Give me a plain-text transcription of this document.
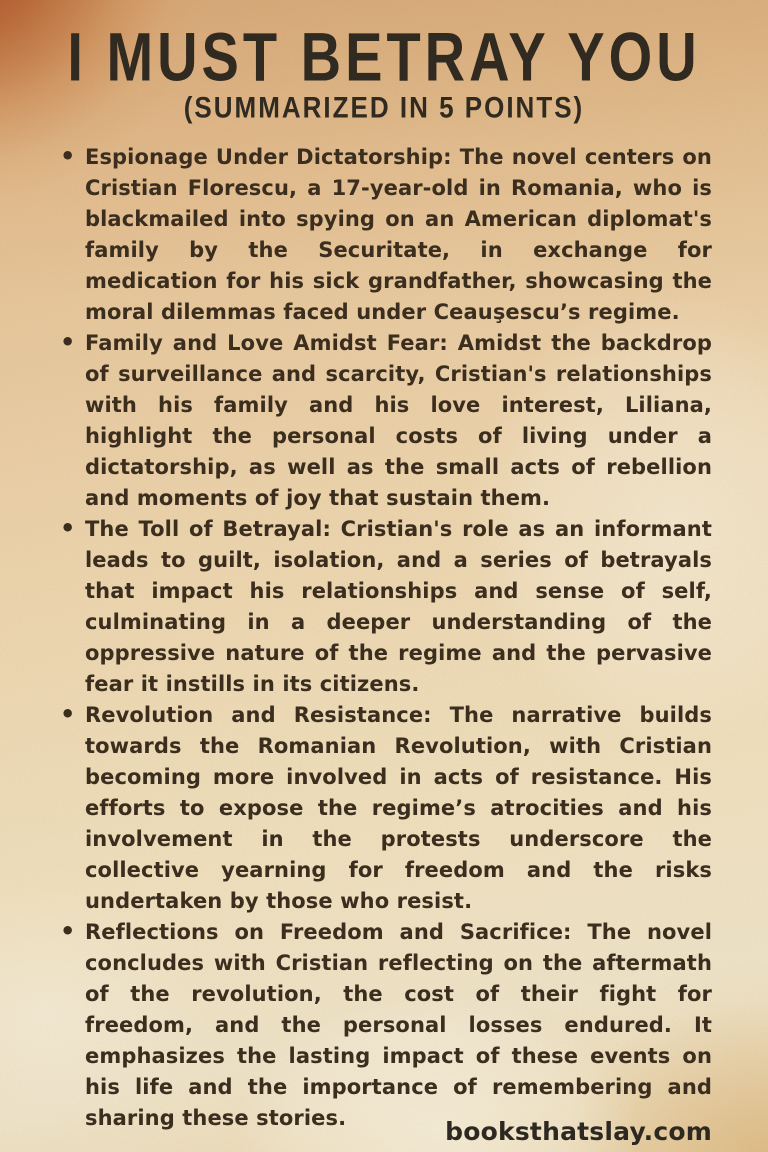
I MUST BETRAY YOU
(SUMMARIZED IN 5 POINTS)
• Espionage Under Dictatorship: The novel centers on Cristian Florescu, a 17-year-old in Romania, who is blackmailed into spying on an American diplomat's family by the Securitate, in exchange for medication for his sick grandfather, showcasing the moral dilemmas faced under Ceauşescu’s regime.
• Family and Love Amidst Fear: Amidst the backdrop of surveillance and scarcity, Cristian's relationships with his family and his love interest, Liliana, highlight the personal costs of living under a dictatorship, as well as the small acts of rebellion and moments of joy that sustain them.
• The Toll of Betrayal: Cristian's role as an informant leads to guilt, isolation, and a series of betrayals that impact his relationships and sense of self, culminating in a deeper understanding of the oppressive nature of the regime and the pervasive fear it instills in its citizens.
• Revolution and Resistance: The narrative builds towards the Romanian Revolution, with Cristian becoming more involved in acts of resistance. His efforts to expose the regime’s atrocities and his involvement in the protests underscore the collective yearning for freedom and the risks undertaken by those who resist.
• Reflections on Freedom and Sacrifice: The novel concludes with Cristian reflecting on the aftermath of the revolution, the cost of their fight for freedom, and the personal losses endured. It emphasizes the lasting impact of these events on his life and the importance of remembering and sharing these stories.	booksthatslay.com
